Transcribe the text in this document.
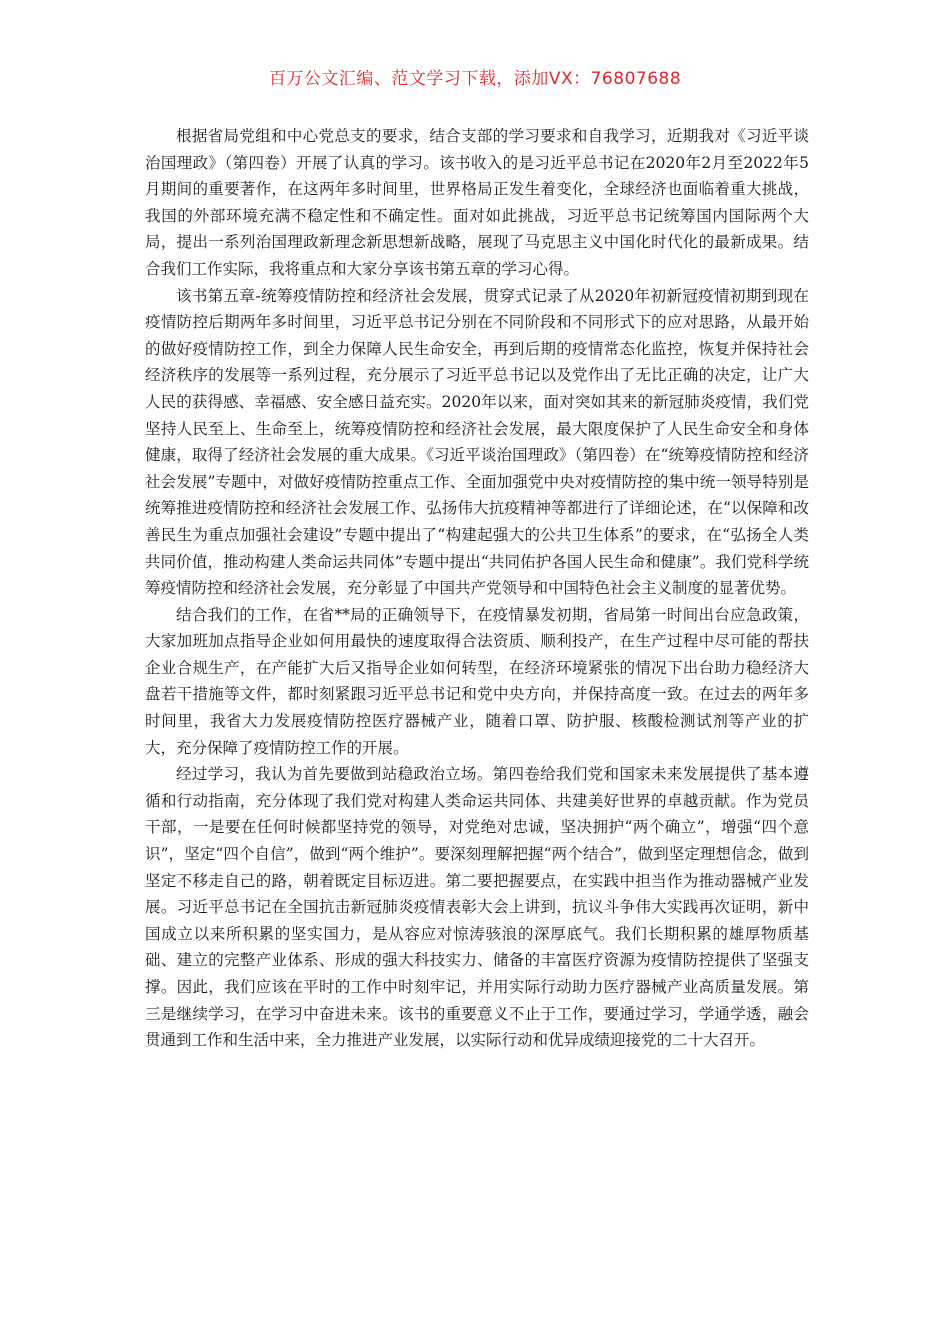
百万公文汇编、范文学习下载，添加VX：76807688

根据省局党组和中心党总支的要求，结合支部的学习要求和自我学习，近期我对《习近平谈治国理政》（第四卷）开展了认真的学习。该书收入的是习近平总书记在2020年2月至2022年5月期间的重要著作，在这两年多时间里，世界格局正发生着变化，全球经济也面临着重大挑战，我国的外部环境充满不稳定性和不确定性。面对如此挑战，习近平总书记统筹国内国际两个大局，提出一系列治国理政新理念新思想新战略，展现了马克思主义中国化时代化的最新成果。结合我们工作实际，我将重点和大家分享该书第五章的学习心得。

该书第五章-统筹疫情防控和经济社会发展，贯穿式记录了从2020年初新冠疫情初期到现在疫情防控后期两年多时间里，习近平总书记分别在不同阶段和不同形式下的应对思路，从最开始的做好疫情防控工作，到全力保障人民生命安全，再到后期的疫情常态化监控，恢复并保持社会经济秩序的发展等一系列过程，充分展示了习近平总书记以及党作出了无比正确的决定，让广大人民的获得感、幸福感、安全感日益充实。2020年以来，面对突如其来的新冠肺炎疫情，我们党坚持人民至上、生命至上，统筹疫情防控和经济社会发展，最大限度保护了人民生命安全和身体健康，取得了经济社会发展的重大成果。《习近平谈治国理政》（第四卷）在“统筹疫情防控和经济社会发展”专题中，对做好疫情防控重点工作、全面加强党中央对疫情防控的集中统一领导特别是统筹推进疫情防控和经济社会发展工作、弘扬伟大抗疫精神等都进行了详细论述，在“以保障和改善民生为重点加强社会建设”专题中提出了“构建起强大的公共卫生体系”的要求，在“弘扬全人类共同价值，推动构建人类命运共同体”专题中提出“共同佑护各国人民生命和健康”。我们党科学统筹疫情防控和经济社会发展，充分彰显了中国共产党领导和中国特色社会主义制度的显著优势。

结合我们的工作，在省**局的正确领导下，在疫情暴发初期，省局第一时间出台应急政策，大家加班加点指导企业如何用最快的速度取得合法资质、顺利投产，在生产过程中尽可能的帮扶企业合规生产，在产能扩大后又指导企业如何转型，在经济环境紧张的情况下出台助力稳经济大盘若干措施等文件，都时刻紧跟习近平总书记和党中央方向，并保持高度一致。在过去的两年多时间里，我省大力发展疫情防控医疗器械产业，随着口罩、防护服、核酸检测试剂等产业的扩大，充分保障了疫情防控工作的开展。

经过学习，我认为首先要做到站稳政治立场。第四卷给我们党和国家未来发展提供了基本遵循和行动指南，充分体现了我们党对构建人类命运共同体、共建美好世界的卓越贡献。作为党员干部，一是要在任何时候都坚持党的领导，对党绝对忠诚，坚决拥护“两个确立”，增强“四个意识”，坚定“四个自信”，做到“两个维护”。要深刻理解把握“两个结合”，做到坚定理想信念，做到坚定不移走自己的路，朝着既定目标迈进。第二要把握要点，在实践中担当作为推动器械产业发展。习近平总书记在全国抗击新冠肺炎疫情表彰大会上讲到，抗议斗争伟大实践再次证明，新中国成立以来所积累的坚实国力，是从容应对惊涛骇浪的深厚底气。我们长期积累的雄厚物质基础、建立的完整产业体系、形成的强大科技实力、储备的丰富医疗资源为疫情防控提供了坚强支撑。因此，我们应该在平时的工作中时刻牢记，并用实际行动助力医疗器械产业高质量发展。第三是继续学习，在学习中奋进未来。该书的重要意义不止于工作，要通过学习，学通学透，融会贯通到工作和生活中来，全力推进产业发展，以实际行动和优异成绩迎接党的二十大召开。
